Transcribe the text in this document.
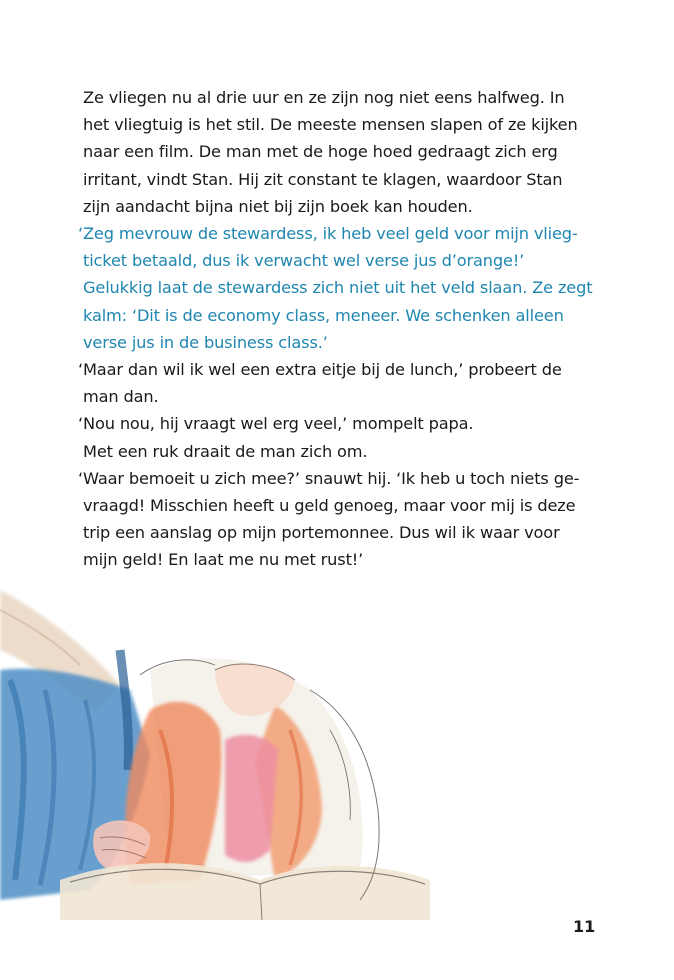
Ze vliegen nu al drie uur en ze zijn nog niet eens halfweg. In
het vliegtuig is het stil. De meeste mensen slapen of ze kijken
naar een film. De man met de hoge hoed gedraagt zich erg
irritant, vindt Stan. Hij zit constant te klagen, waardoor Stan
zijn aandacht bijna niet bij zijn boek kan houden.
‘Zeg mevrouw de stewardess, ik heb veel geld voor mijn vlieg-
ticket betaald, dus ik verwacht wel verse jus d’orange!’
Gelukkig laat de stewardess zich niet uit het veld slaan. Ze zegt
kalm: ‘Dit is de economy class, meneer. We schenken alleen
verse jus in de business class.’
‘Maar dan wil ik wel een extra eitje bij de lunch,’ probeert de
man dan.
‘Nou nou, hij vraagt wel erg veel,’ mompelt papa.
Met een ruk draait de man zich om.
‘Waar bemoeit u zich mee?’ snauwt hij. ‘Ik heb u toch niets ge-
vraagd! Misschien heeft u geld genoeg, maar voor mij is deze
trip een aanslag op mijn portemonnee. Dus wil ik waar voor
mijn geld! En laat me nu met rust!’
11
